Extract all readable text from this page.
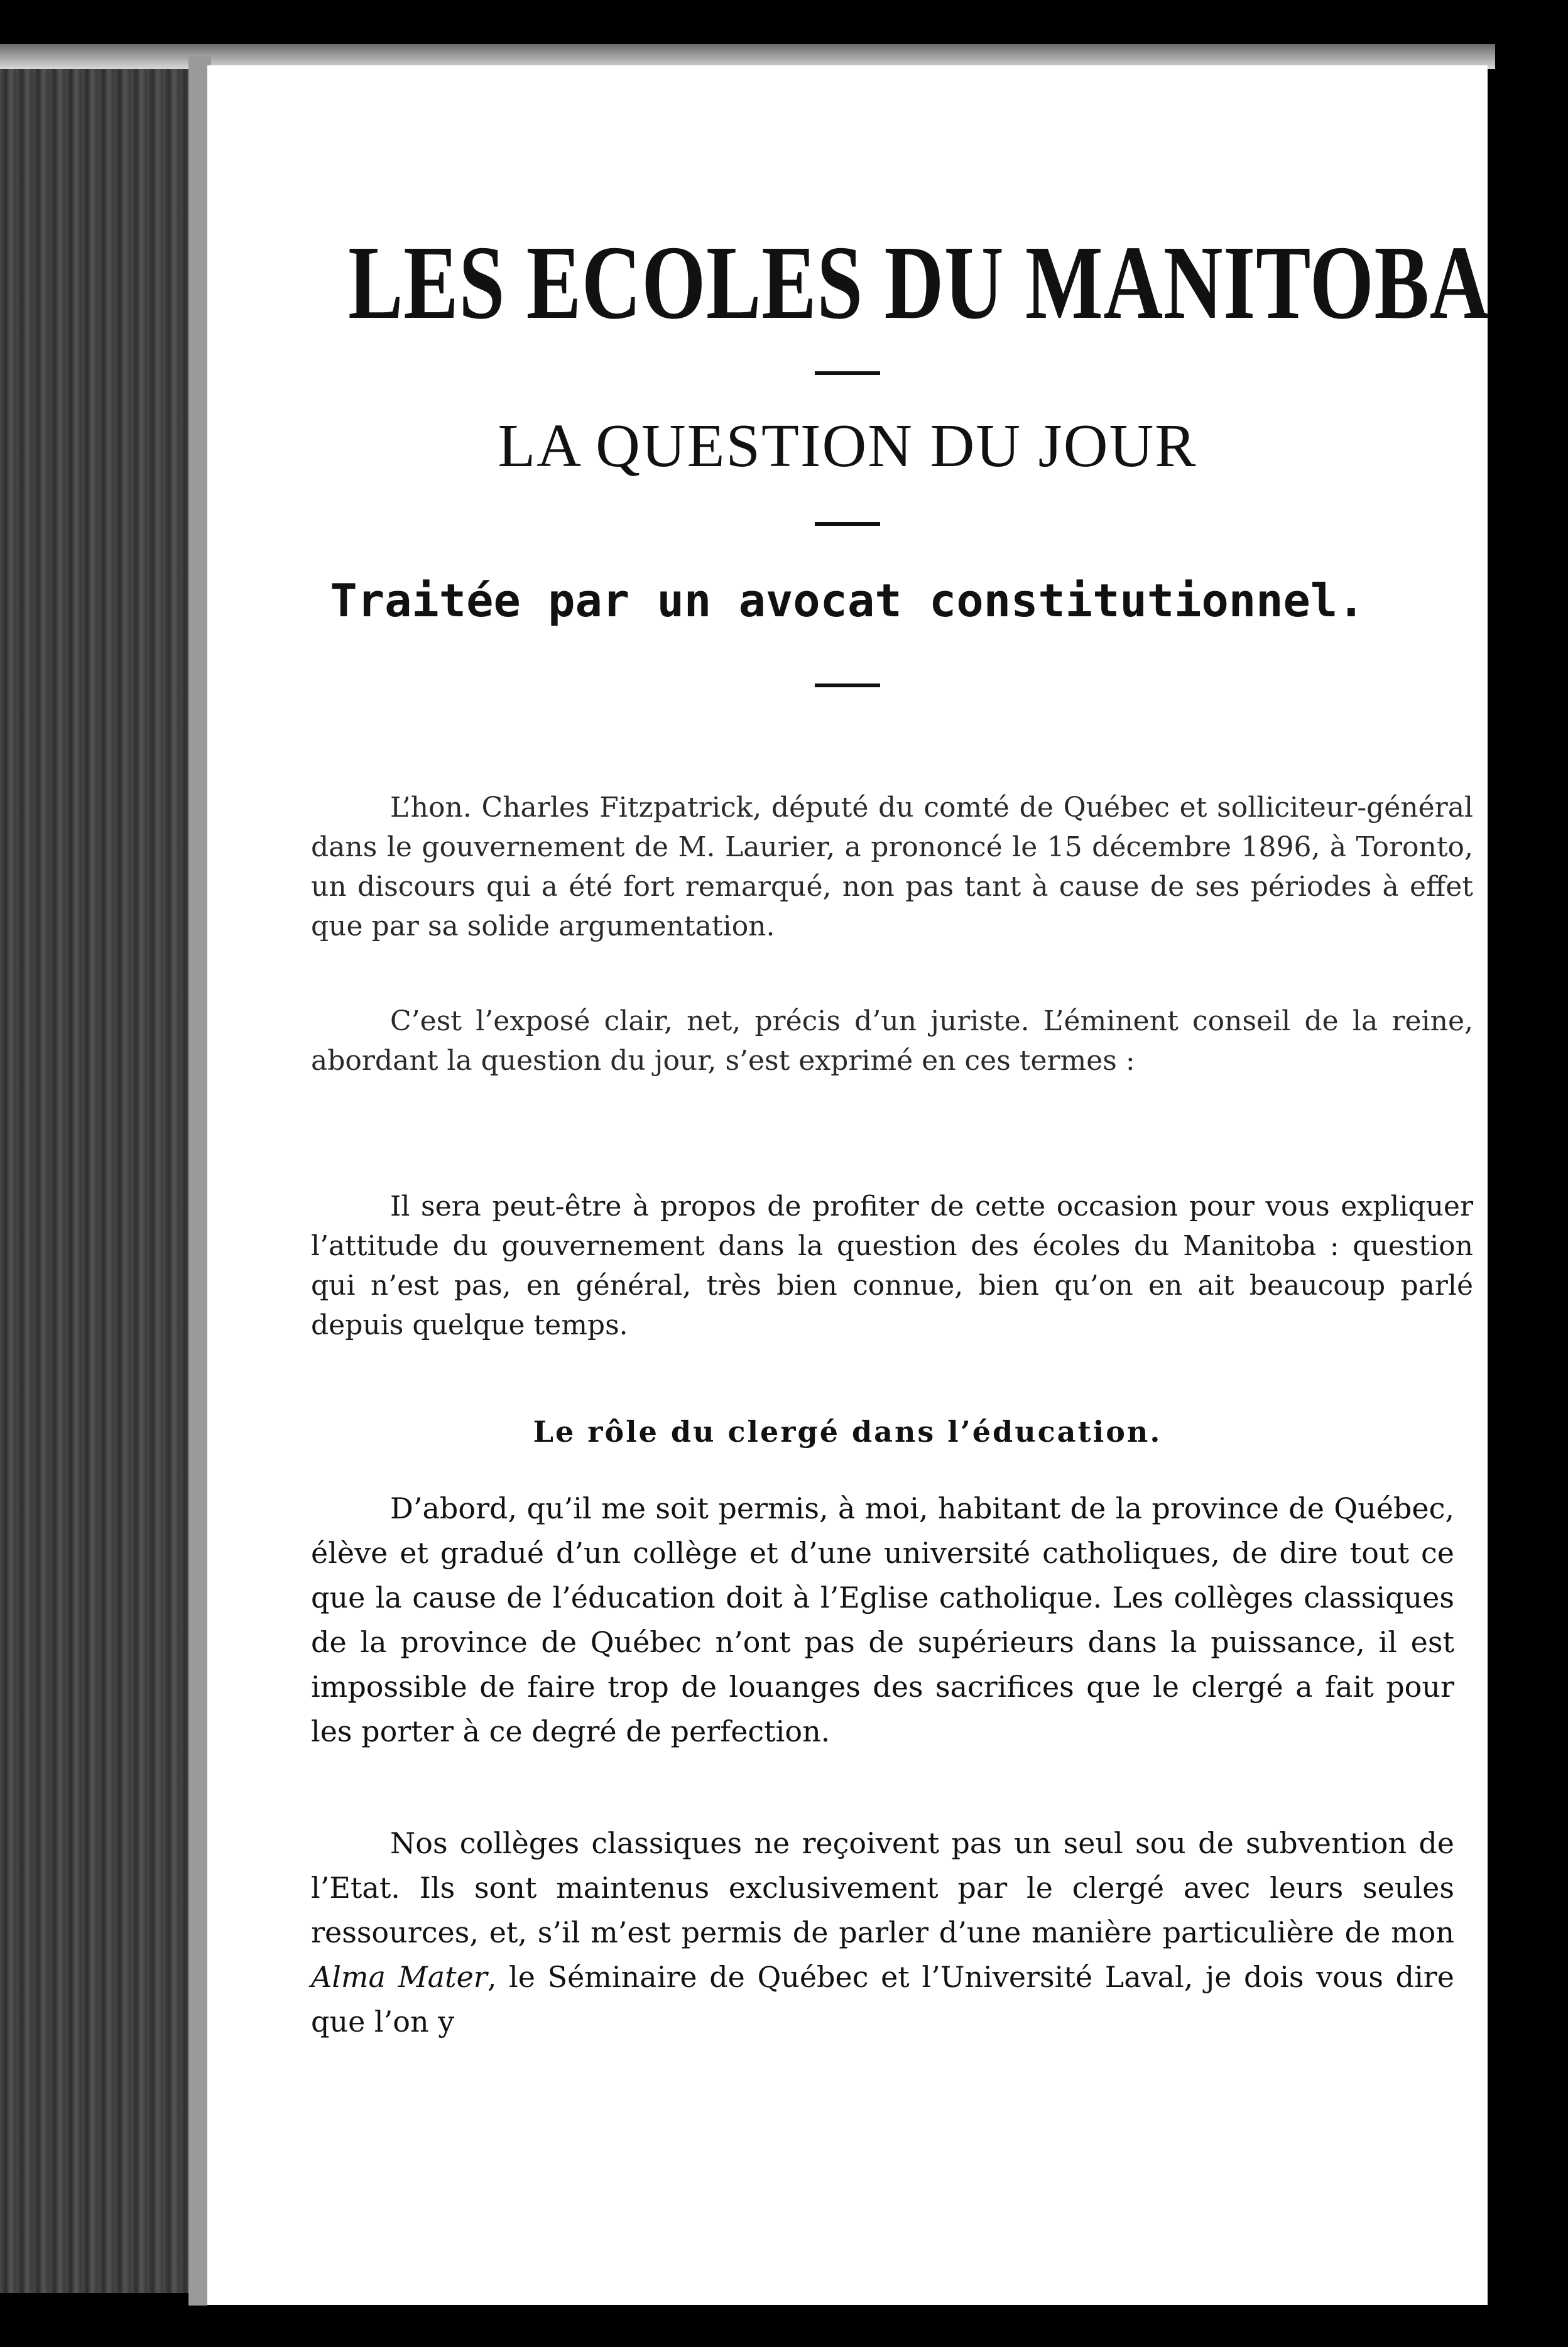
LES ECOLES DU MANITOBA
LA QUESTION DU JOUR
Traitée par un avocat constitutionnel.

L’hon. Charles Fitzpatrick, député du comté de Québec et solliciteur-général dans le gouvernement de M. Laurier, a prononcé le 15 décembre 1896, à Toronto, un discours qui a été fort remarqué, non pas tant à cause de ses périodes à effet que par sa solide argumentation.

C’est l’exposé clair, net, précis d’un juriste. L’éminent conseil de la reine, abordant la question du jour, s’est exprimé en ces termes :

Il sera peut-être à propos de profiter de cette occasion pour vous expliquer l’attitude du gouvernement dans la question des écoles du Manitoba : question qui n’est pas, en général, très bien connue, bien qu’on en ait beaucoup parlé depuis quelque temps.

Le rôle du clergé dans l’éducation.

D’abord, qu’il me soit permis, à moi, habitant de la province de Québec, élève et gradué d’un collège et d’une université catholiques, de dire tout ce que la cause de l’éducation doit à l’Eglise catholique. Les collèges classiques de la province de Québec n’ont pas de supérieurs dans la puissance, il est impossible de faire trop de louanges des sacrifices que le clergé a fait pour les porter à ce degré de perfection.

Nos collèges classiques ne reçoivent pas un seul sou de subvention de l’Etat. Ils sont maintenus exclusivement par le clergé avec leurs seules ressources, et, s’il m’est permis de parler d’une manière particulière de mon Alma Mater, le Séminaire de Québec et l’Université Laval, je dois vous dire que l’on y
